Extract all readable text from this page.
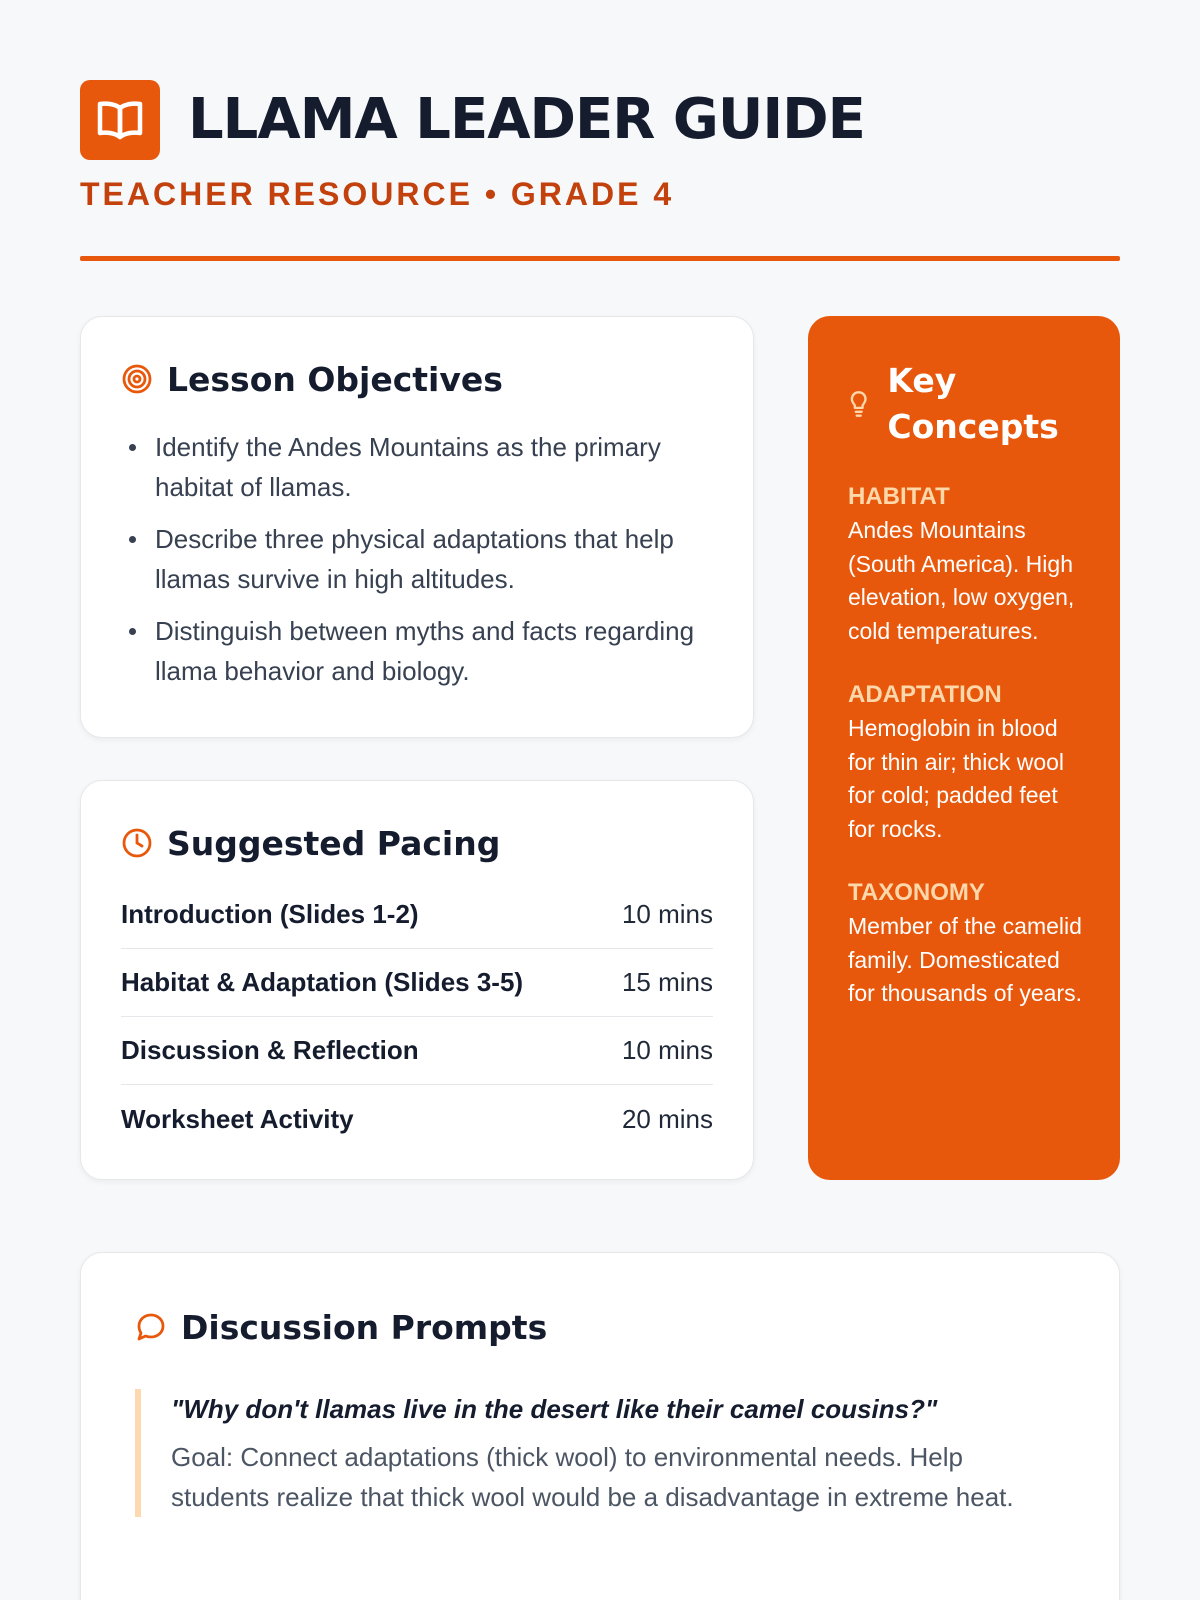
LLAMA LEADER GUIDE
TEACHER RESOURCE • GRADE 4
Lesson Objectives
Identify the Andes Mountains as the primary habitat of llamas.
Describe three physical adaptations that help llamas survive in high altitudes.
Distinguish between myths and facts regarding llama behavior and biology.
Suggested Pacing
Introduction (Slides 1-2)	10 mins
Habitat & Adaptation (Slides 3-5)	15 mins
Discussion & Reflection	10 mins
Worksheet Activity	20 mins
Key Concepts
HABITAT
Andes Mountains (South America). High elevation, low oxygen, cold temperatures.
ADAPTATION
Hemoglobin in blood for thin air; thick wool for cold; padded feet for rocks.
TAXONOMY
Member of the camelid family. Domesticated for thousands of years.
Discussion Prompts
"Why don't llamas live in the desert like their camel cousins?"
Goal: Connect adaptations (thick wool) to environmental needs. Help students realize that thick wool would be a disadvantage in extreme heat.
